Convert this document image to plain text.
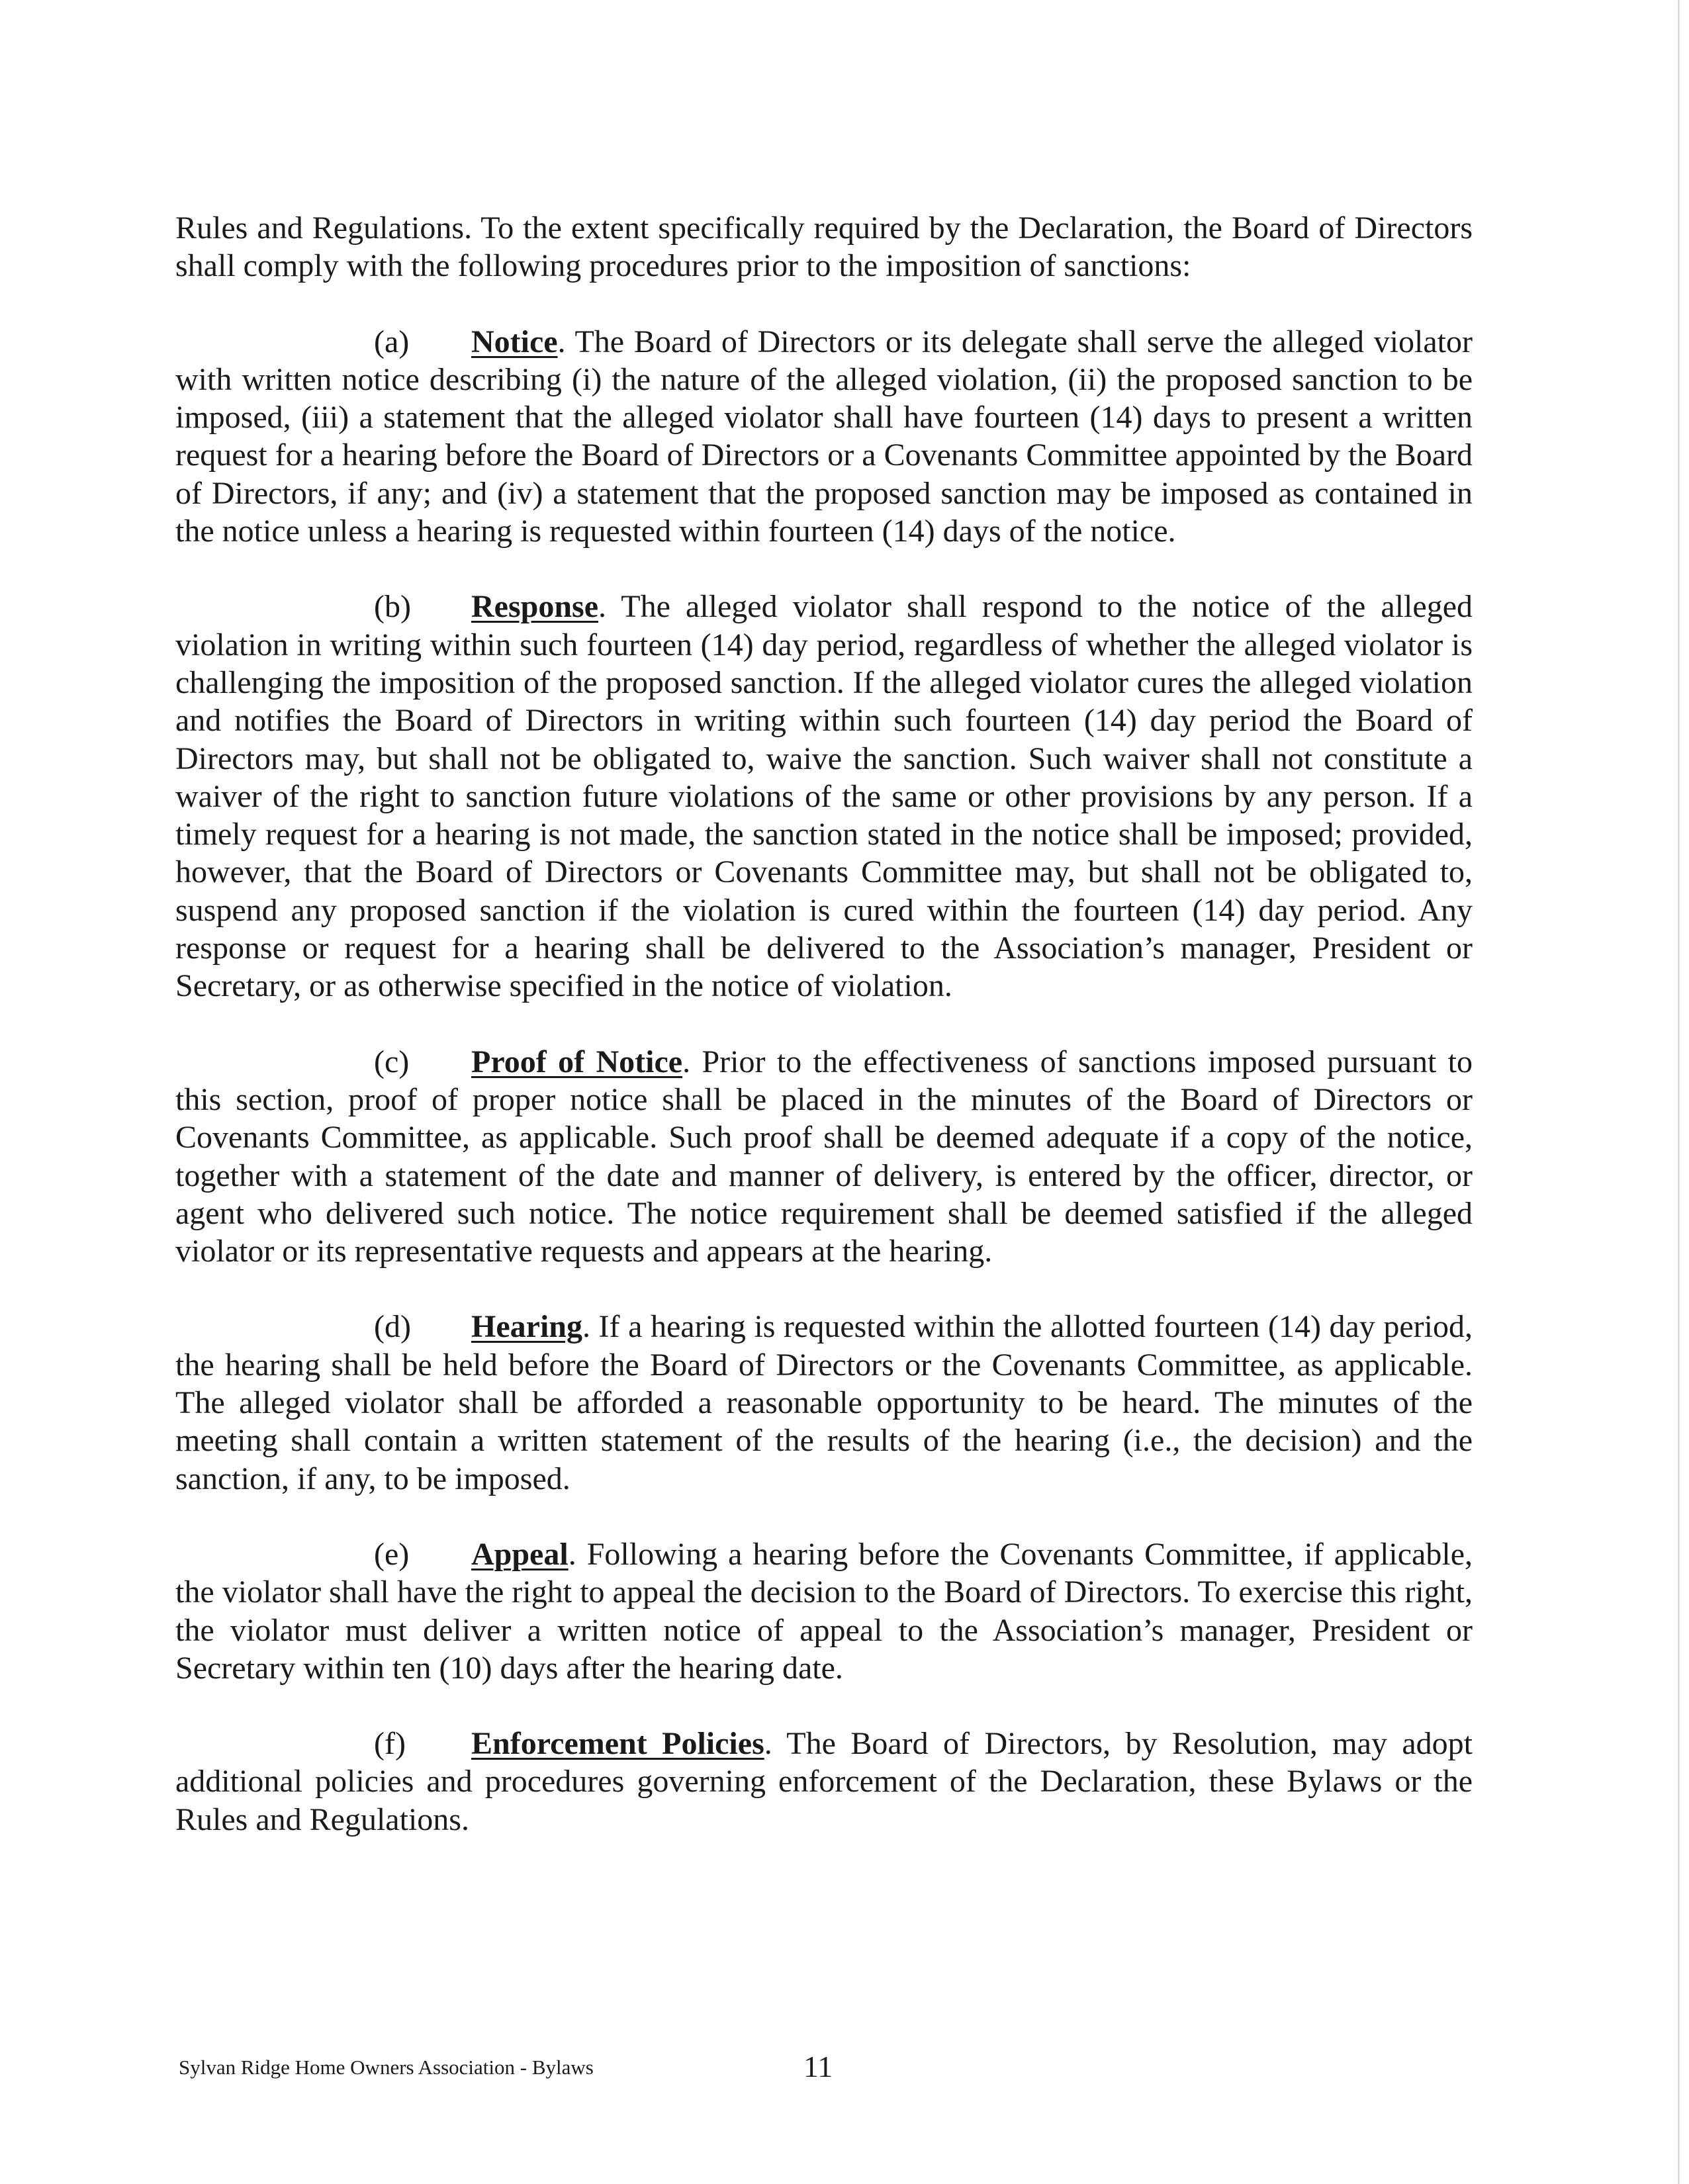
Rules and Regulations. To the extent specifically required by the Declaration, the Board of Directors shall comply with the following procedures prior to the imposition of sanctions:

(a) Notice. The Board of Directors or its delegate shall serve the alleged violator with written notice describing (i) the nature of the alleged violation, (ii) the proposed sanction to be imposed, (iii) a statement that the alleged violator shall have fourteen (14) days to present a written request for a hearing before the Board of Directors or a Covenants Committee appointed by the Board of Directors, if any; and (iv) a statement that the proposed sanction may be imposed as contained in the notice unless a hearing is requested within fourteen (14) days of the notice.

(b) Response. The alleged violator shall respond to the notice of the alleged violation in writing within such fourteen (14) day period, regardless of whether the alleged violator is challenging the imposition of the proposed sanction. If the alleged violator cures the alleged violation and notifies the Board of Directors in writing within such fourteen (14) day period the Board of Directors may, but shall not be obligated to, waive the sanction. Such waiver shall not constitute a waiver of the right to sanction future violations of the same or other provisions by any person. If a timely request for a hearing is not made, the sanction stated in the notice shall be imposed; provided, however, that the Board of Directors or Covenants Committee may, but shall not be obligated to, suspend any proposed sanction if the violation is cured within the fourteen (14) day period. Any response or request for a hearing shall be delivered to the Association’s manager, President or Secretary, or as otherwise specified in the notice of violation.

(c) Proof of Notice. Prior to the effectiveness of sanctions imposed pursuant to this section, proof of proper notice shall be placed in the minutes of the Board of Directors or Covenants Committee, as applicable. Such proof shall be deemed adequate if a copy of the notice, together with a statement of the date and manner of delivery, is entered by the officer, director, or agent who delivered such notice. The notice requirement shall be deemed satisfied if the alleged violator or its representative requests and appears at the hearing.

(d) Hearing. If a hearing is requested within the allotted fourteen (14) day period, the hearing shall be held before the Board of Directors or the Covenants Committee, as applicable. The alleged violator shall be afforded a reasonable opportunity to be heard. The minutes of the meeting shall contain a written statement of the results of the hearing (i.e., the decision) and the sanction, if any, to be imposed.

(e) Appeal. Following a hearing before the Covenants Committee, if applicable, the violator shall have the right to appeal the decision to the Board of Directors. To exercise this right, the violator must deliver a written notice of appeal to the Association’s manager, President or Secretary within ten (10) days after the hearing date.

(f) Enforcement Policies. The Board of Directors, by Resolution, may adopt additional policies and procedures governing enforcement of the Declaration, these Bylaws or the Rules and Regulations.

Sylvan Ridge Home Owners Association - Bylaws	11
